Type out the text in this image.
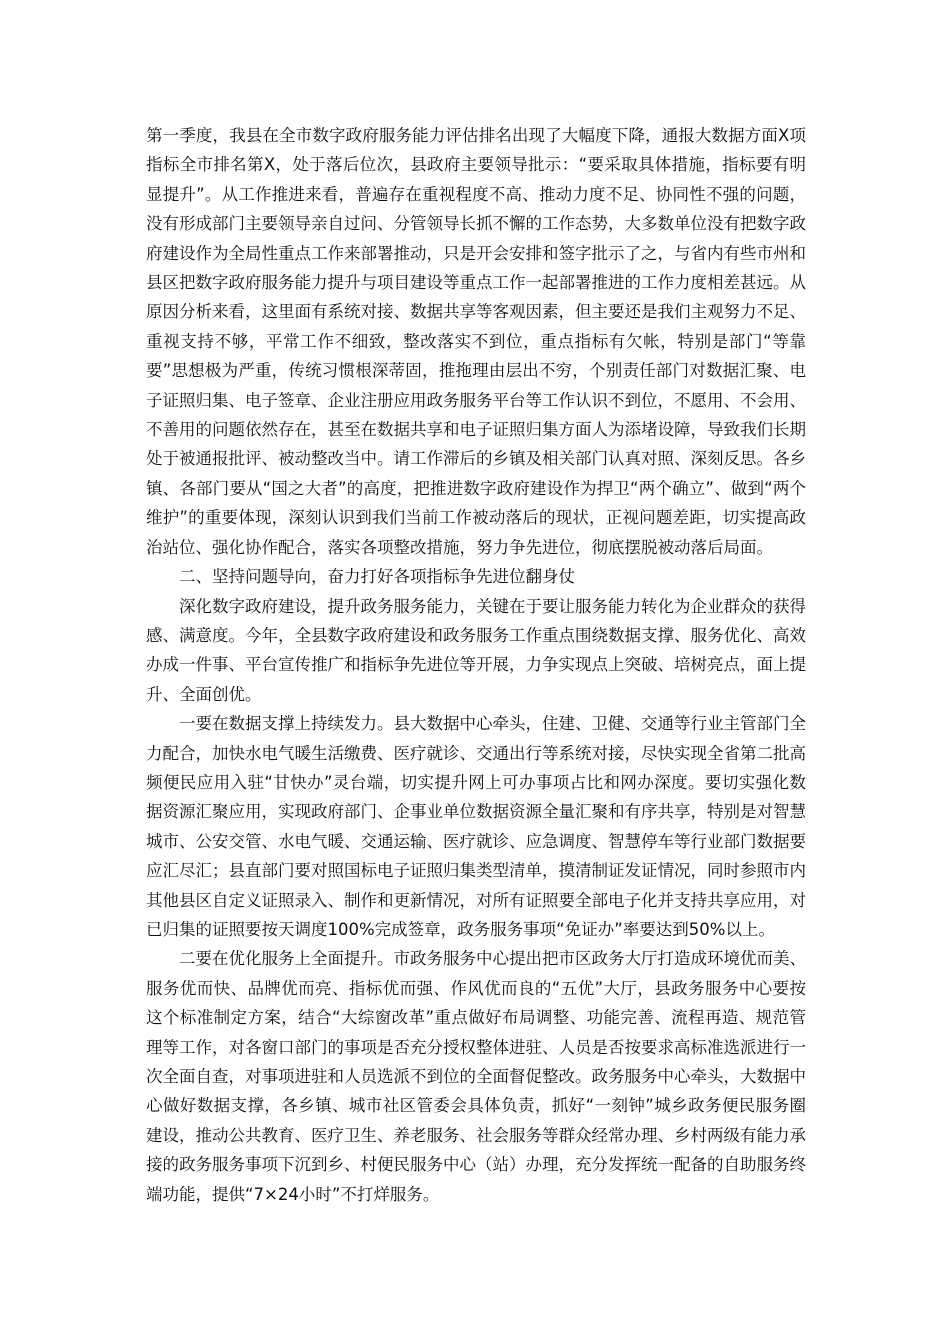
第一季度，我县在全市数字政府服务能力评估排名出现了大幅度下降，通报大数据方面X项指标全市排名第X，处于落后位次，县政府主要领导批示：“要采取具体措施，指标要有明显提升”。从工作推进来看，普遍存在重视程度不高、推动力度不足、协同性不强的问题，没有形成部门主要领导亲自过问、分管领导长抓不懈的工作态势，大多数单位没有把数字政府建设作为全局性重点工作来部署推动，只是开会安排和签字批示了之，与省内有些市州和县区把数字政府服务能力提升与项目建设等重点工作一起部署推进的工作力度相差甚远。从原因分析来看，这里面有系统对接、数据共享等客观因素，但主要还是我们主观努力不足、重视支持不够，平常工作不细致，整改落实不到位，重点指标有欠帐，特别是部门“等靠要”思想极为严重，传统习惯根深蒂固，推拖理由层出不穷，个别责任部门对数据汇聚、电子证照归集、电子签章、企业注册应用政务服务平台等工作认识不到位，不愿用、不会用、不善用的问题依然存在，甚至在数据共享和电子证照归集方面人为添堵设障，导致我们长期处于被通报批评、被动整改当中。请工作滞后的乡镇及相关部门认真对照、深刻反思。各乡镇、各部门要从“国之大者”的高度，把推进数字政府建设作为捍卫“两个确立”、做到“两个维护”的重要体现，深刻认识到我们当前工作被动落后的现状，正视问题差距，切实提高政治站位、强化协作配合，落实各项整改措施，努力争先进位，彻底摆脱被动落后局面。

二、坚持问题导向，奋力打好各项指标争先进位翻身仗

深化数字政府建设，提升政务服务能力，关键在于要让服务能力转化为企业群众的获得感、满意度。今年，全县数字政府建设和政务服务工作重点围绕数据支撑、服务优化、高效办成一件事、平台宣传推广和指标争先进位等开展，力争实现点上突破、培树亮点，面上提升、全面创优。

一要在数据支撑上持续发力。县大数据中心牵头，住建、卫健、交通等行业主管部门全力配合，加快水电气暖生活缴费、医疗就诊、交通出行等系统对接，尽快实现全省第二批高频便民应用入驻“甘快办”灵台端，切实提升网上可办事项占比和网办深度。要切实强化数据资源汇聚应用，实现政府部门、企事业单位数据资源全量汇聚和有序共享，特别是对智慧城市、公安交管、水电气暖、交通运输、医疗就诊、应急调度、智慧停车等行业部门数据要应汇尽汇；县直部门要对照国标电子证照归集类型清单，摸清制证发证情况，同时参照市内其他县区自定义证照录入、制作和更新情况，对所有证照要全部电子化并支持共享应用，对已归集的证照要按天调度100%完成签章，政务服务事项“免证办”率要达到50%以上。

二要在优化服务上全面提升。市政务服务中心提出把市区政务大厅打造成环境优而美、服务优而快、品牌优而亮、指标优而强、作风优而良的“五优”大厅，县政务服务中心要按这个标准制定方案，结合“大综窗改革”重点做好布局调整、功能完善、流程再造、规范管理等工作，对各窗口部门的事项是否充分授权整体进驻、人员是否按要求高标准选派进行一次全面自查，对事项进驻和人员选派不到位的全面督促整改。政务服务中心牵头，大数据中心做好数据支撑，各乡镇、城市社区管委会具体负责，抓好“一刻钟”城乡政务便民服务圈建设，推动公共教育、医疗卫生、养老服务、社会服务等群众经常办理、乡村两级有能力承接的政务服务事项下沉到乡、村便民服务中心（站）办理，充分发挥统一配备的自助服务终端功能，提供“7×24小时”不打烊服务。
